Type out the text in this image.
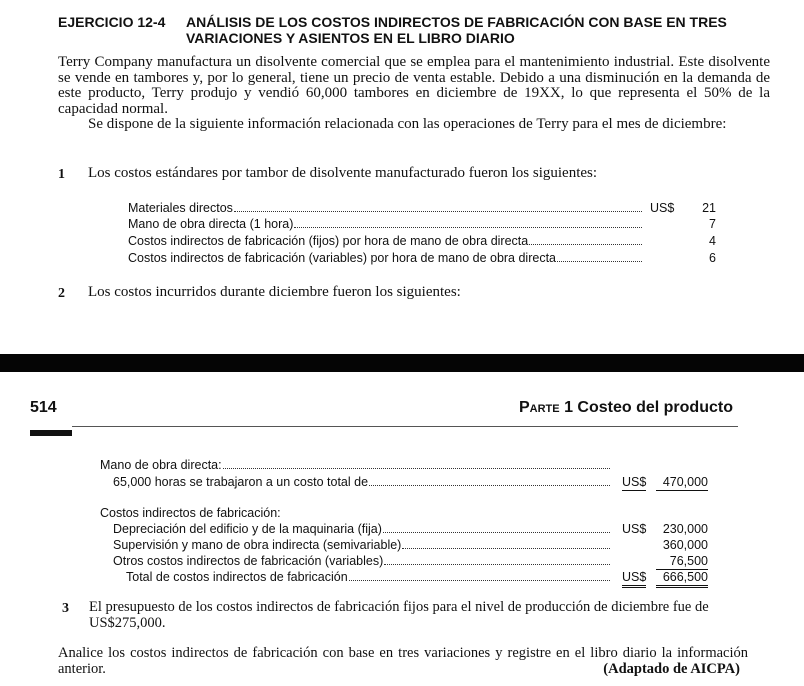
EJERCICIO 12-4 ANÁLISIS DE LOS COSTOS INDIRECTOS DE FABRICACIÓN CON BASE EN TRES VARIACIONES Y ASIENTOS EN EL LIBRO DIARIO
Terry Company manufactura un disolvente comercial que se emplea para el mantenimiento industrial. Este disolvente se vende en tambores y, por lo general, tiene un precio de venta estable. Debido a una disminución en la demanda de este producto, Terry produjo y vendió 60,000 tambores en diciembre de 19XX, lo que representa el 50% de la capacidad normal.
Se dispone de la siguiente información relacionada con las operaciones de Terry para el mes de diciembre:
1 Los costos estándares por tambor de disolvente manufacturado fueron los siguientes:
Materiales directos	US$	21
Mano de obra directa (1 hora)	7
Costos indirectos de fabricación (fijos) por hora de mano de obra directa	4
Costos indirectos de fabricación (variables) por hora de mano de obra directa	6
2 Los costos incurridos durante diciembre fueron los siguientes:
514	Parte 1 Costeo del producto
Mano de obra directa:
65,000 horas se trabajaron a un costo total de	US$	470,000
Costos indirectos de fabricación:
Depreciación del edificio y de la maquinaria (fija)	US$	230,000
Supervisión y mano de obra indirecta (semivariable)	360,000
Otros costos indirectos de fabricación (variables)	76,500
Total de costos indirectos de fabricación	US$	666,500
3 El presupuesto de los costos indirectos de fabricación fijos para el nivel de producción de diciembre fue de US$275,000.
Analice los costos indirectos de fabricación con base en tres variaciones y registre en el libro diario la información anterior.	(Adaptado de AICPA)
